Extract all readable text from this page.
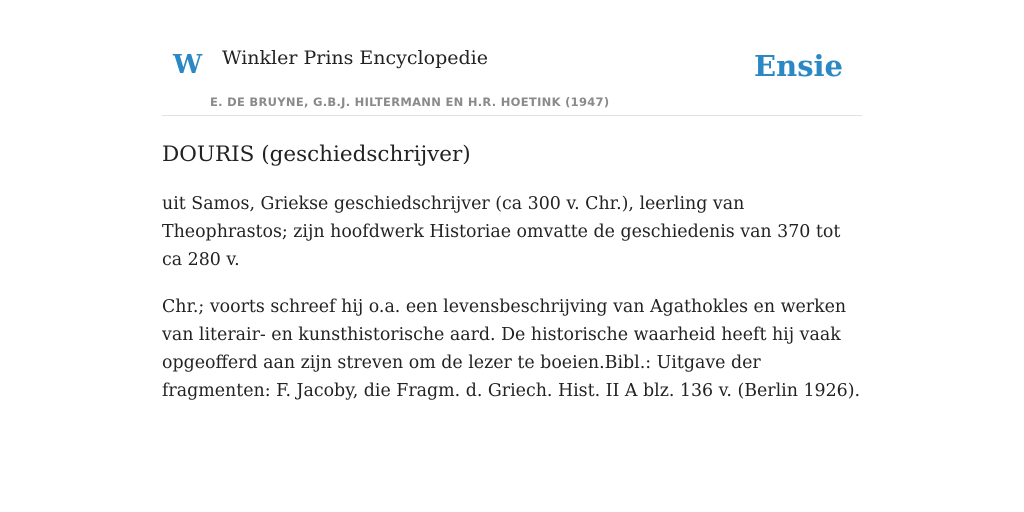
W Winkler Prins Encyclopedie
E. DE BRUYNE, G.B.J. HILTERMANN EN H.R. HOETINK (1947)
Ensie
DOURIS (geschiedschrijver)

uit Samos, Griekse geschiedschrijver (ca 300 v. Chr.), leerling van Theophrastos; zijn hoofdwerk Historiae omvatte de geschiedenis van 370 tot ca 280 v.

Chr.; voorts schreef hij o.a. een levensbeschrijving van Agathokles en werken van literair- en kunsthistorische aard. De historische waarheid heeft hij vaak opgeofferd aan zijn streven om de lezer te boeien.Bibl.: Uitgave der fragmenten: F. Jacoby, die Fragm. d. Griech. Hist. II A blz. 136 v. (Berlin 1926).
